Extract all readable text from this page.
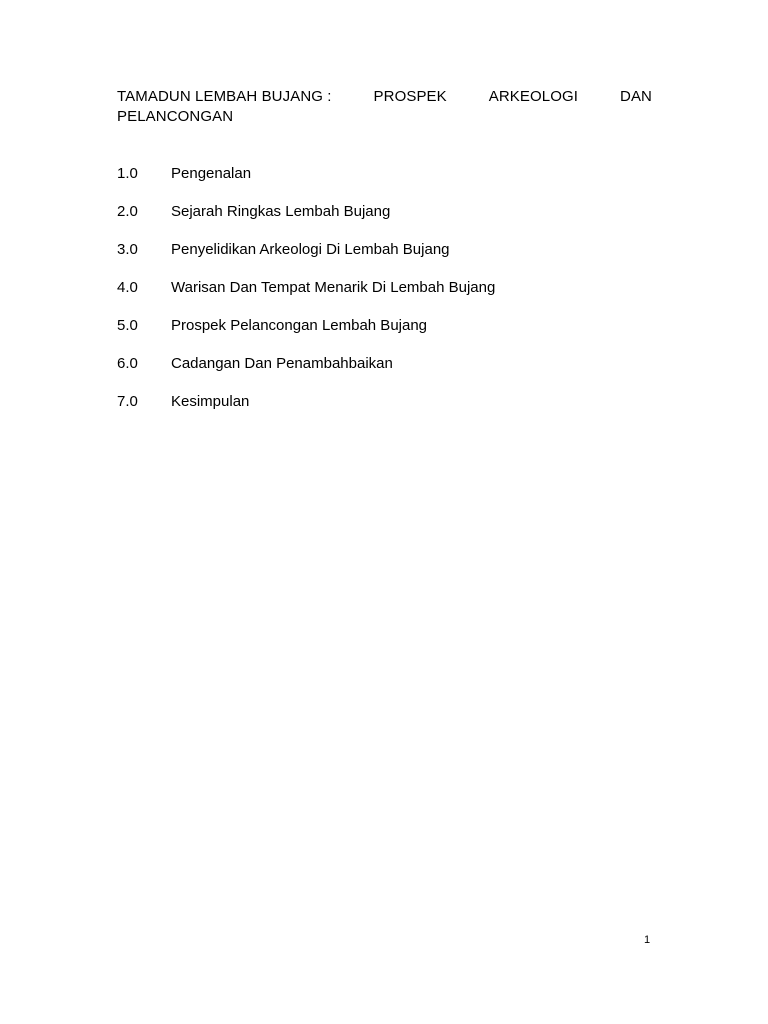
TAMADUN LEMBAH BUJANG :	PROSPEK	ARKEOLOGI	DAN
PELANCONGAN
1.0	Pengenalan
2.0	Sejarah Ringkas Lembah Bujang
3.0	Penyelidikan Arkeologi Di Lembah Bujang
4.0	Warisan Dan Tempat Menarik Di Lembah Bujang
5.0	Prospek Pelancongan Lembah Bujang
6.0	Cadangan Dan Penambahbaikan
7.0	Kesimpulan
1
